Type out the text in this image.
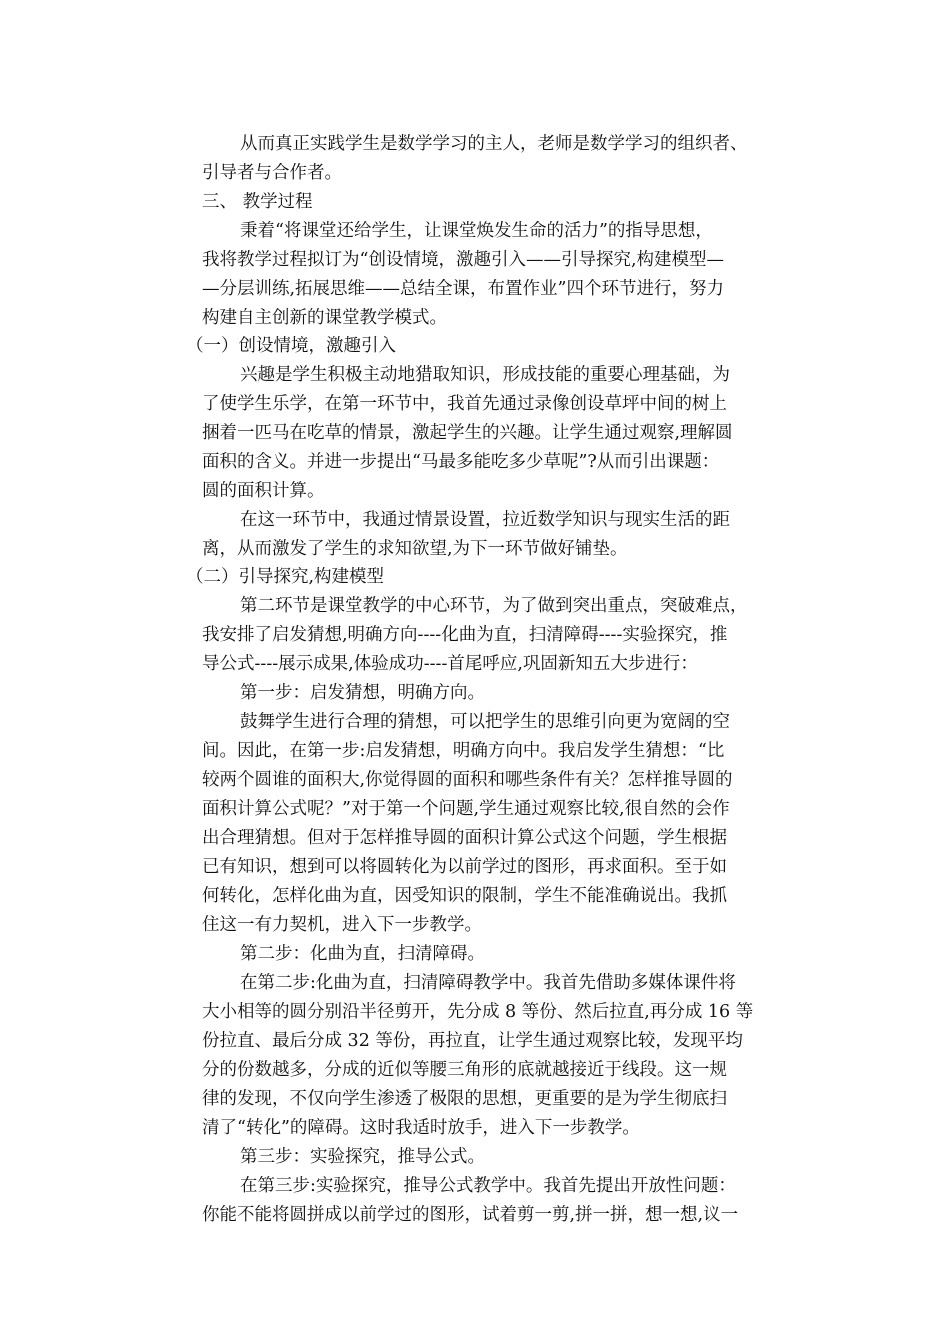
从而真正实践学生是数学学习的主人，老师是数学学习的组织者、
引导者与合作者。
三、 教学过程
秉着“将课堂还给学生，让课堂焕发生命的活力”的指导思想，
我将教学过程拟订为“创设情境，激趣引入——引导探究,构建模型—
—分层训练,拓展思维——总结全课，布置作业”四个环节进行，努力
构建自主创新的课堂教学模式。
（一）创设情境，激趣引入
兴趣是学生积极主动地猎取知识，形成技能的重要心理基础，为
了使学生乐学，在第一环节中，我首先通过录像创设草坪中间的树上
捆着一匹马在吃草的情景，激起学生的兴趣。让学生通过观察,理解圆
面积的含义。并进一步提出“马最多能吃多少草呢”?从而引出课题：
圆的面积计算。
在这一环节中，我通过情景设置，拉近数学知识与现实生活的距
离，从而激发了学生的求知欲望,为下一环节做好铺垫。
（二）引导探究,构建模型
第二环节是课堂教学的中心环节，为了做到突出重点，突破难点，
我安排了启发猜想,明确方向----化曲为直，扫清障碍----实验探究，推
导公式----展示成果,体验成功----首尾呼应,巩固新知五大步进行：
第一步：启发猜想，明确方向。
鼓舞学生进行合理的猜想，可以把学生的思维引向更为宽阔的空
间。因此，在第一步:启发猜想，明确方向中。我启发学生猜想：“比
较两个圆谁的面积大,你觉得圆的面积和哪些条件有关？怎样推导圆的
面积计算公式呢？”对于第一个问题,学生通过观察比较,很自然的会作
出合理猜想。但对于怎样推导圆的面积计算公式这个问题，学生根据
已有知识，想到可以将圆转化为以前学过的图形，再求面积。至于如
何转化，怎样化曲为直，因受知识的限制，学生不能准确说出。我抓
住这一有力契机，进入下一步教学。
第二步：化曲为直，扫清障碍。
在第二步:化曲为直，扫清障碍教学中。我首先借助多媒体课件将
大小相等的圆分别沿半径剪开，先分成 8 等份、然后拉直,再分成 16 等
份拉直、最后分成 32 等份，再拉直，让学生通过观察比较，发现平均
分的份数越多，分成的近似等腰三角形的底就越接近于线段。这一规
律的发现，不仅向学生渗透了极限的思想，更重要的是为学生彻底扫
清了“转化”的障碍。这时我适时放手，进入下一步教学。
第三步：实验探究，推导公式。
在第三步:实验探究，推导公式教学中。我首先提出开放性问题：
你能不能将圆拼成以前学过的图形，试着剪一剪,拼一拼，想一想,议一
